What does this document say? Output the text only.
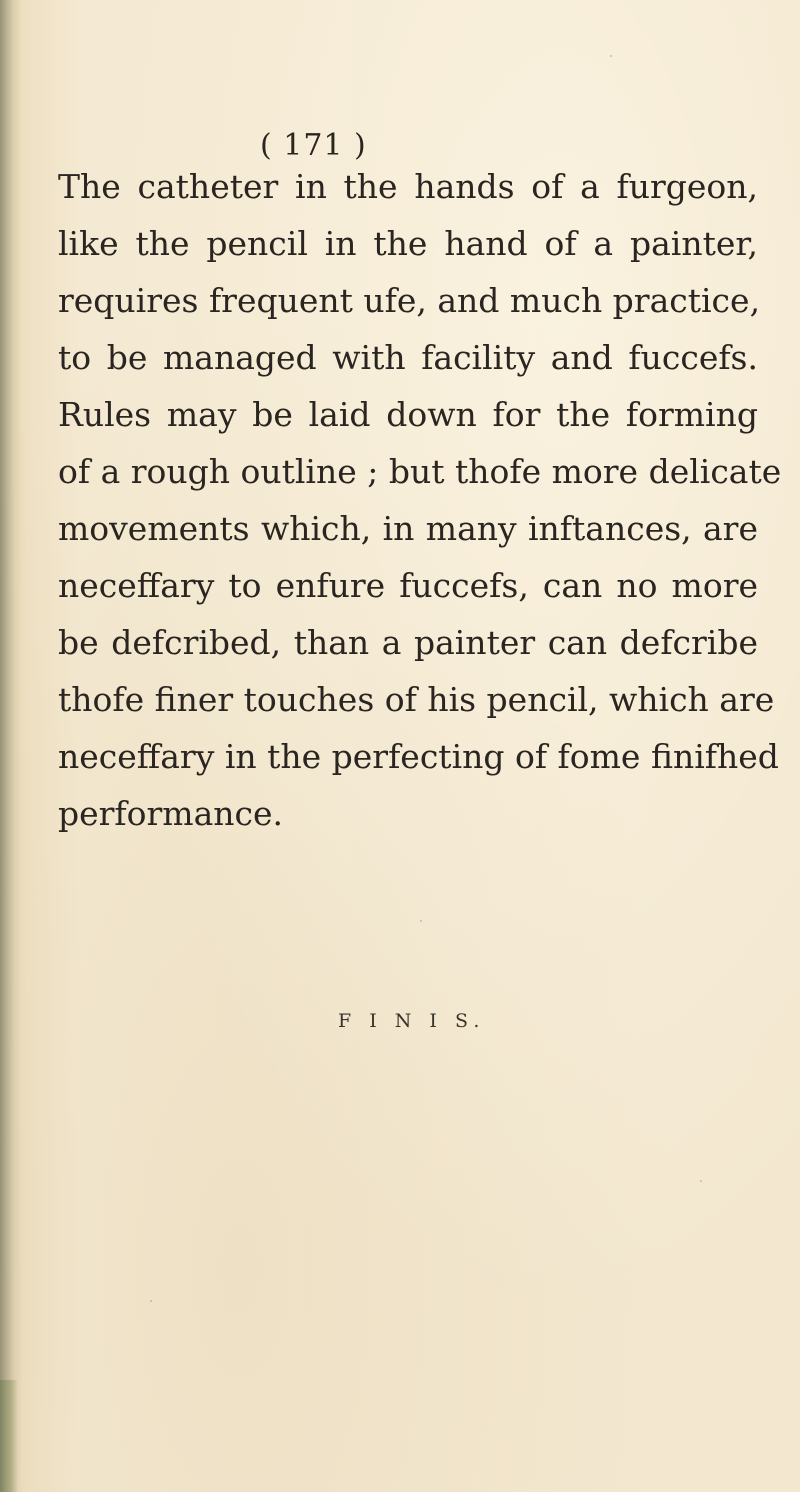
( 171 )
The catheter in the hands of a furgeon,
like the pencil in the hand of a painter,
requires frequent ufe, and much practice,
to be managed with facility and fuccefs.
Rules may be laid down for the forming
of a rough outline ; but thofe more delicate
movements which, in many inftances, are
neceffary to enfure fuccefs, can no more
be defcribed, than a painter can defcribe
thofe finer touches of his pencil, which are
neceffary in the perfecting of fome finifhed
performance.
F I N I S.
